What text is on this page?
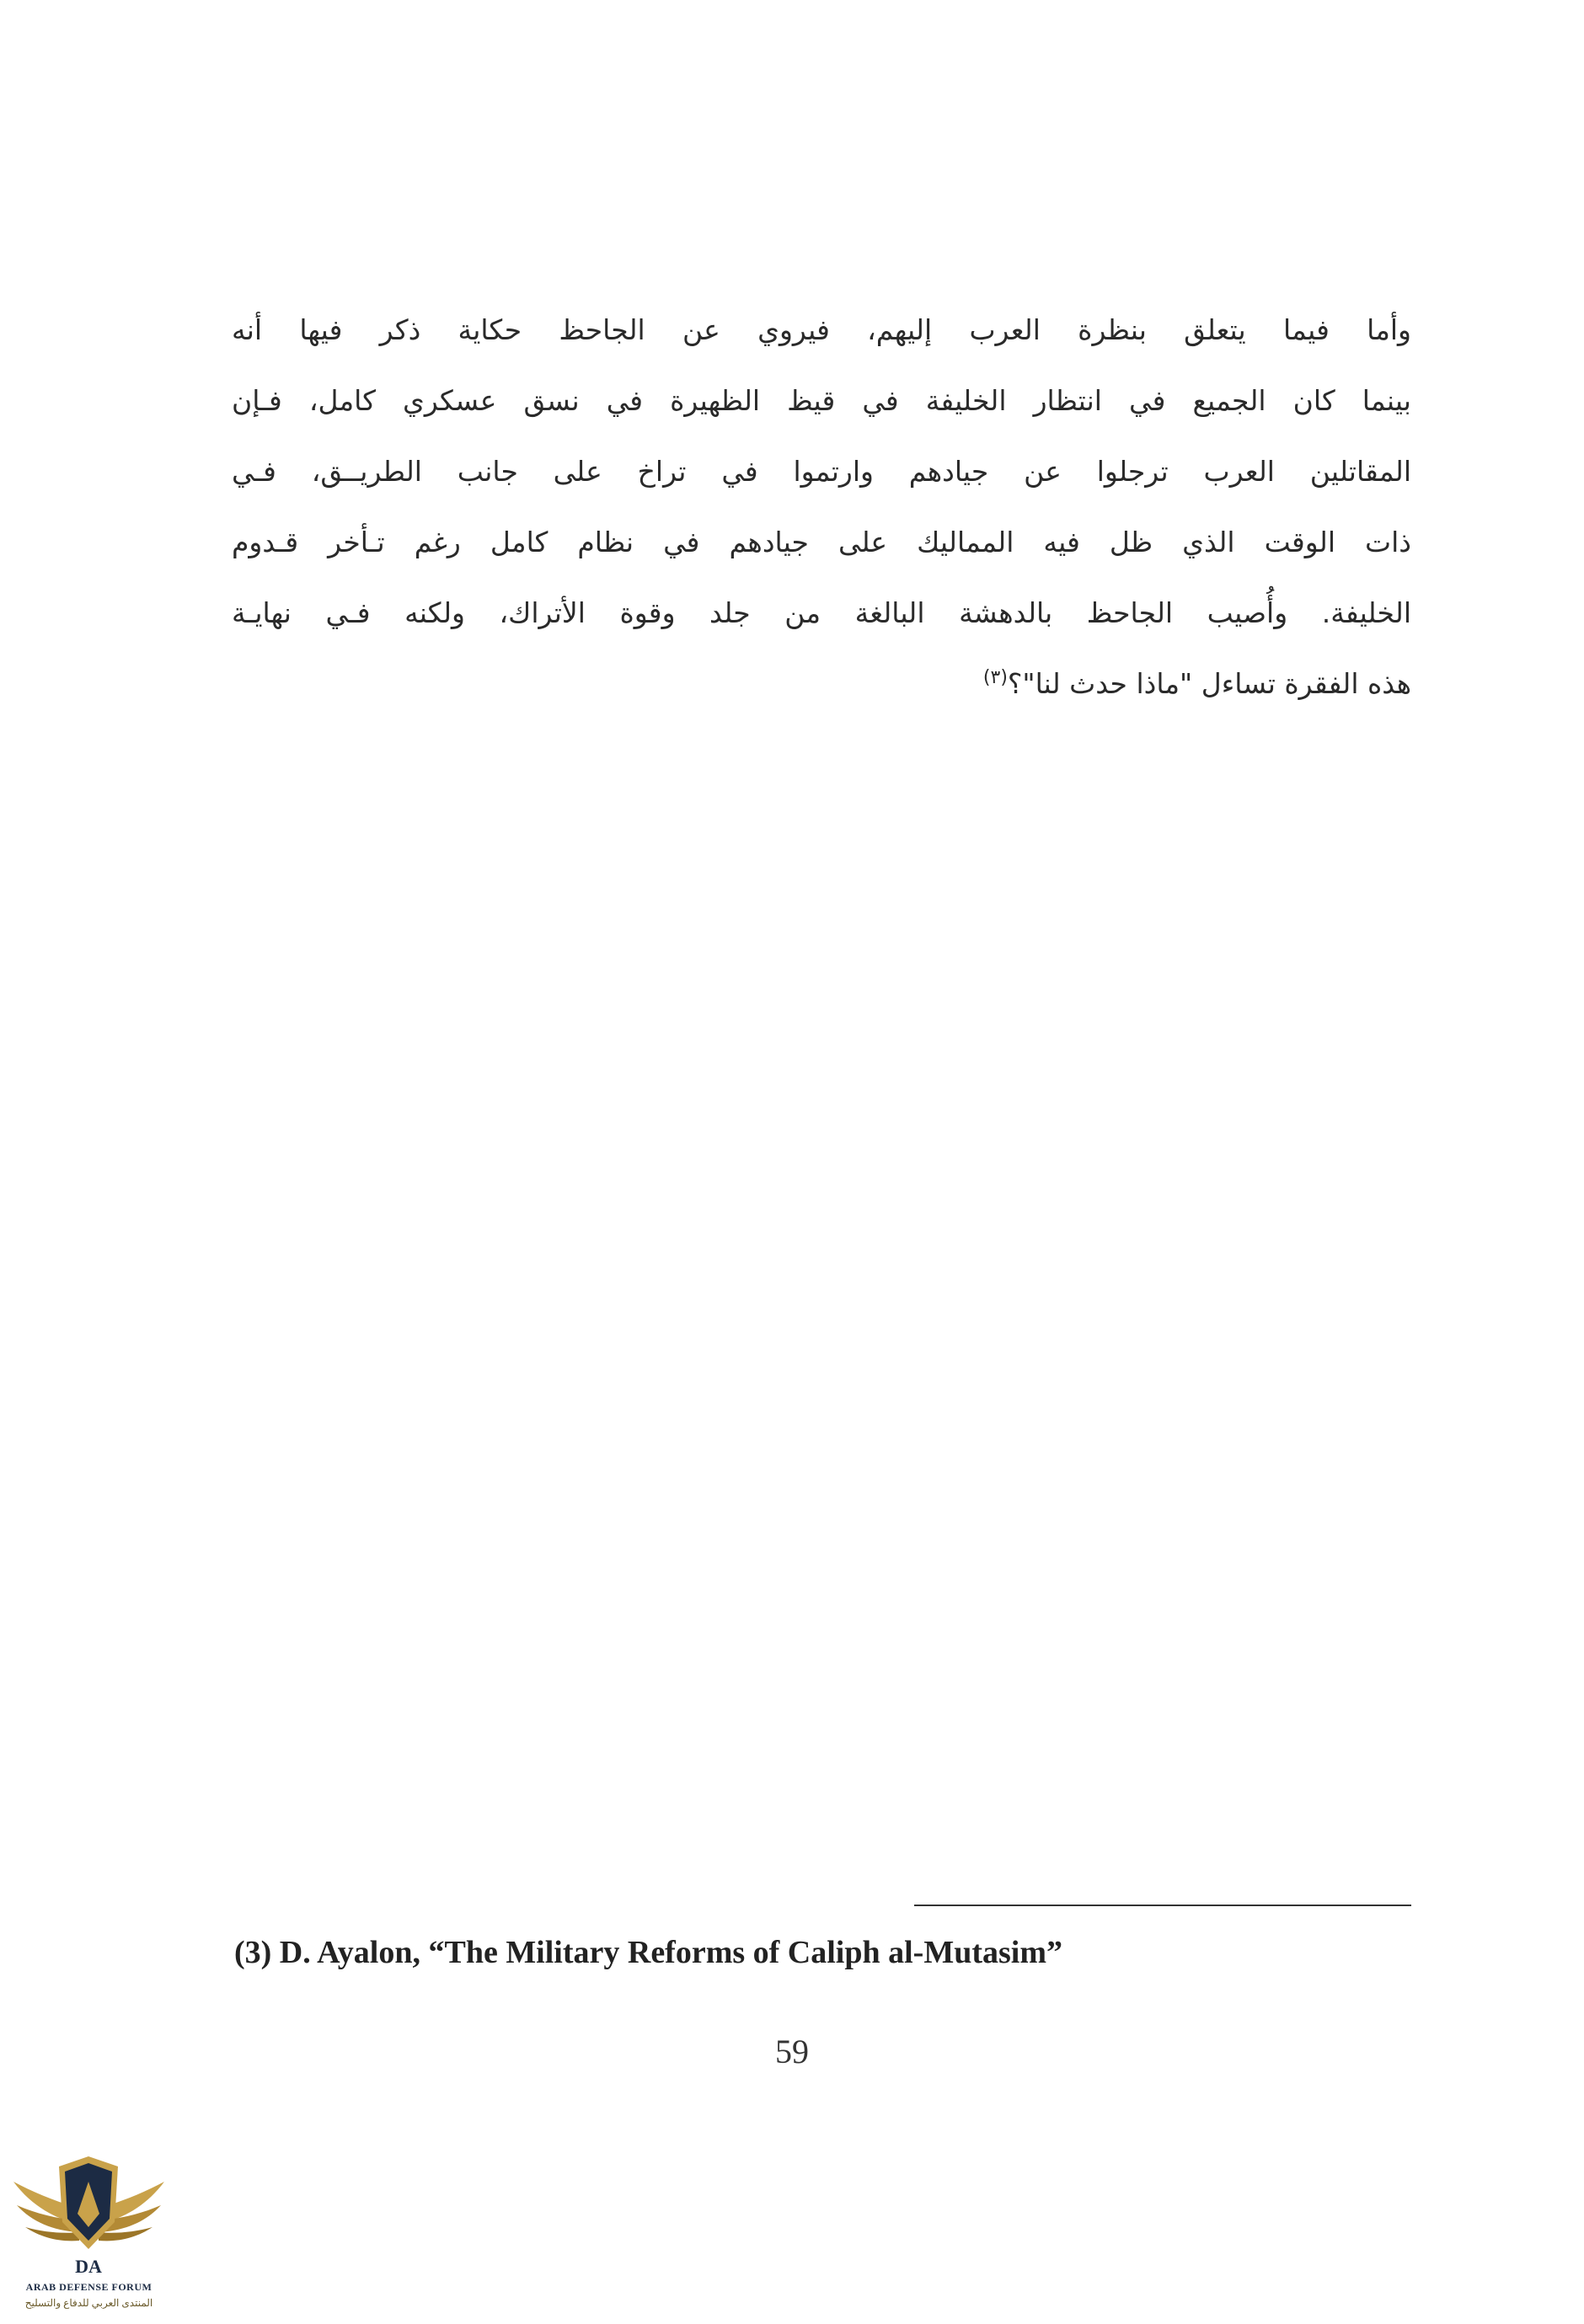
وأما فيما يتعلق بنظرة العرب إليهم، فيروي عن الجاحظ حكاية ذكر فيها أنه
بينما كان الجميع في انتظار الخليفة في قيظ الظهيرة في نسق عسكري كامل، فـإن
المقاتلين العرب ترجلوا عن جيادهم وارتموا في تراخ على جانب الطريــق، فـي
ذات الوقت الذي ظل فيه المماليك على جيادهم في نظام كامل رغم تـأخر قـدوم
الخليفة. وأُصيب الجاحظ بالدهشة البالغة من جلد وقوة الأتراك، ولكنه فـي نهايـة
هذه الفقرة تساءل "ماذا حدث لنا"؟$^{(٣)}$
(3) D. Ayalon, “The Military Reforms of Caliph al-Mutasim”
59
DA
ARAB DEFENSE FORUM
المنتدى العربي للدفاع والتسليح
